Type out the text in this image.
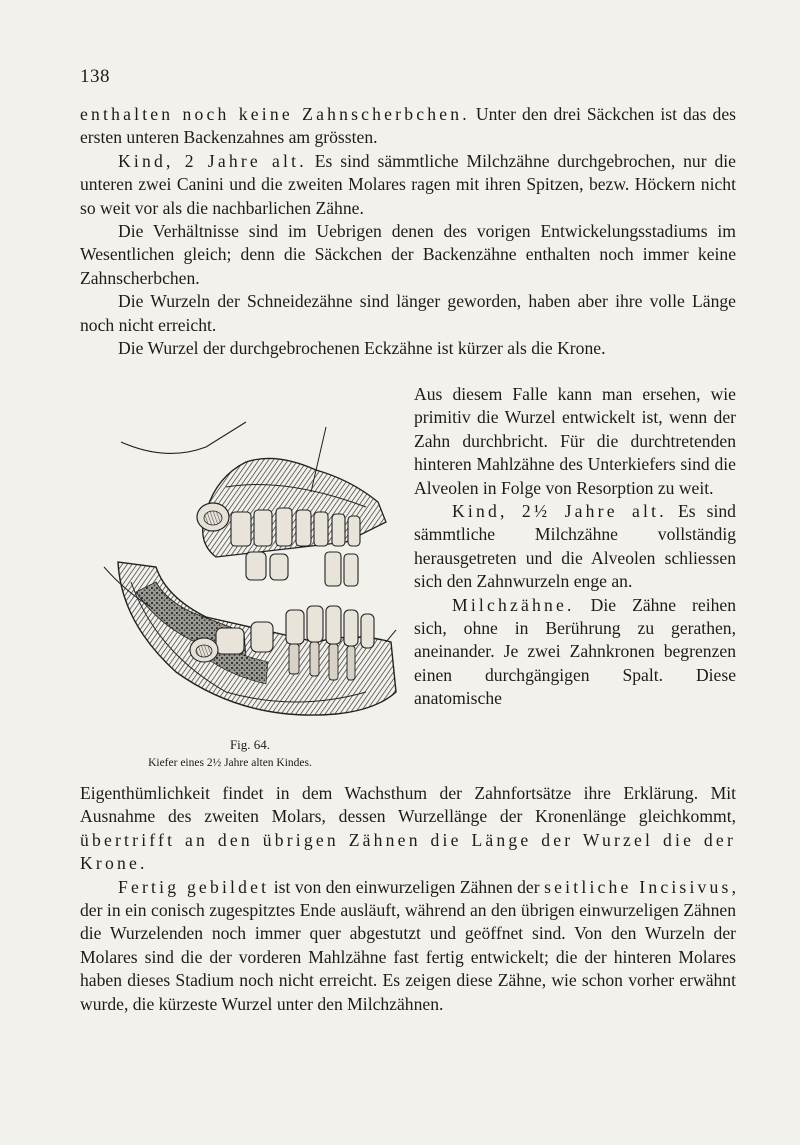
138

enthalten noch keine Zahnscherbchen. Unter den drei Säckchen ist das des ersten unteren Backenzahnes am grössten.

Kind, 2 Jahre alt. Es sind sämmtliche Milchzähne durchgebrochen, nur die unteren zwei Canini und die zweiten Molares ragen mit ihren Spitzen, bezw. Höckern nicht so weit vor als die nachbarlichen Zähne.

Die Verhältnisse sind im Uebrigen denen des vorigen Entwickelungsstadiums im Wesentlichen gleich; denn die Säckchen der Backenzähne enthalten noch immer keine Zahnscherbchen.

Die Wurzeln der Schneidezähne sind länger geworden, haben aber ihre volle Länge noch nicht erreicht.

Die Wurzel der durchgebrochenen Eckzähne ist kürzer als die Krone.

Fig. 64.
Kiefer eines 2½ Jahre alten Kindes.

Aus diesem Falle kann man ersehen, wie primitiv die Wurzel entwickelt ist, wenn der Zahn durchbricht. Für die durchtretenden hinteren Mahlzähne des Unterkiefers sind die Alveolen in Folge von Resorption zu weit.

Kind, 2½ Jahre alt. Es sind sämmtliche Milchzähne vollständig herausgetreten und die Alveolen schliessen sich den Zahnwurzeln enge an.

Milchzähne. Die Zähne reihen sich, ohne in Berührung zu gerathen, aneinander. Je zwei Zahnkronen begrenzen einen durchgängigen Spalt. Diese anatomische

Eigenthümlichkeit findet in dem Wachsthum der Zahnfortsätze ihre Erklärung. Mit Ausnahme des zweiten Molars, dessen Wurzellänge der Kronenlänge gleichkommt, übertrifft an den übrigen Zähnen die Länge der Wurzel die der Krone.

Fertig gebildet ist von den einwurzeligen Zähnen der seitliche Incisivus, der in ein conisch zugespitztes Ende ausläuft, während an den übrigen einwurzeligen Zähnen die Wurzelenden noch immer quer abgestutzt und geöffnet sind. Von den Wurzeln der Molares sind die der vorderen Mahlzähne fast fertig entwickelt; die der hinteren Molares haben dieses Stadium noch nicht erreicht. Es zeigen diese Zähne, wie schon vorher erwähnt wurde, die kürzeste Wurzel unter den Milchzähnen.
